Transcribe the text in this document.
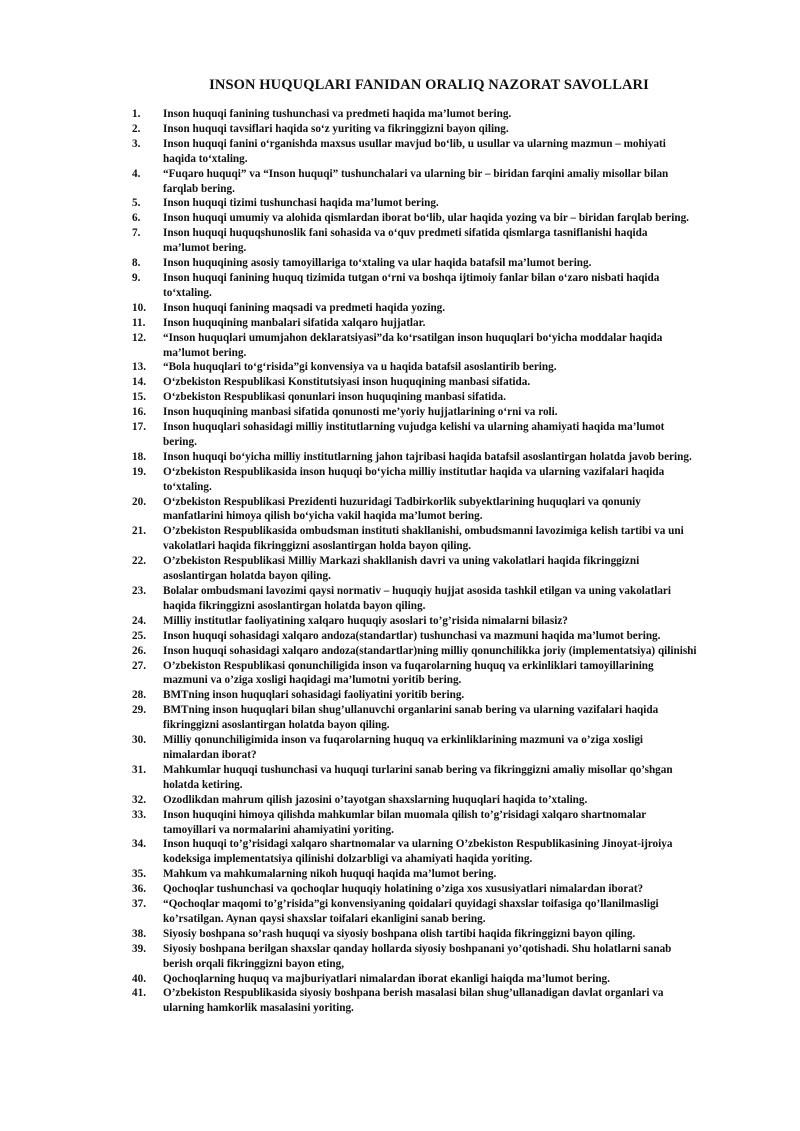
INSON HUQUQLARI FANIDAN ORALIQ NAZORAT SAVOLLARI
1.	Inson huquqi fanining tushunchasi va predmeti haqida ma’lumot bering.
2.	Inson huquqi tavsiflari haqida so‘z yuriting va fikringgizni bayon qiling.
3.	Inson huquqi fanini o‘rganishda maxsus usullar mavjud bo‘lib, u usullar va ularning mazmun – mohiyati
haqida to‘xtaling.
4.	“Fuqaro huquqi” va “Inson huquqi” tushunchalari va ularning bir – biridan farqini amaliy misollar bilan
farqlab bering.
5.	Inson huquqi tizimi tushunchasi haqida ma’lumot bering.
6.	Inson huquqi umumiy va alohida qismlardan iborat bo‘lib, ular haqida yozing va bir – biridan farqlab bering.
7.	Inson huquqi huquqshunoslik fani sohasida va o‘quv predmeti sifatida qismlarga tasniflanishi haqida
ma’lumot bering.
8.	Inson huquqining asosiy tamoyillariga to‘xtaling va ular haqida batafsil ma’lumot bering.
9.	Inson huquqi fanining huquq tizimida tutgan o‘rni va boshqa ijtimoiy fanlar bilan o‘zaro nisbati haqida
to‘xtaling.
10.	Inson huquqi fanining maqsadi va predmeti haqida yozing.
11.	Inson huquqining manbalari sifatida xalqaro hujjatlar.
12.	“Inson huquqlari umumjahon deklaratsiyasi”da ko‘rsatilgan inson huquqlari bo‘yicha moddalar haqida
ma’lumot bering.
13.	“Bola huquqlari to‘g‘risida”gi konvensiya va u haqida batafsil asoslantirib bering.
14.	O‘zbekiston Respublikasi Konstitutsiyasi inson huquqining manbasi sifatida.
15.	O‘zbekiston Respublikasi qonunlari inson huquqining manbasi sifatida.
16.	Inson huquqining manbasi sifatida qonunosti me’yoriy hujjatlarining o‘rni va roli.
17.	Inson huquqlari sohasidagi milliy institutlarning vujudga kelishi va ularning ahamiyati haqida ma’lumot
bering.
18.	Inson huquqi bo‘yicha milliy institutlarning jahon tajribasi haqida batafsil asoslantirgan holatda javob bering.
19.	O‘zbekiston Respublikasida inson huquqi bo‘yicha milliy institutlar haqida va ularning vazifalari haqida
to‘xtaling.
20.	O‘zbekiston Respublikasi Prezidenti huzuridagi Tadbirkorlik subyektlarining huquqlari va qonuniy
manfatlarini himoya qilish bo‘yicha vakil haqida ma’lumot bering.
21.	O’zbekiston Respublikasida ombudsman instituti shakllanishi, ombudsmanni lavozimiga kelish tartibi va uni
vakolatlari haqida fikringgizni asoslantirgan holda bayon qiling.
22.	O’zbekiston Respublikasi Milliy Markazi shakllanish davri va uning vakolatlari haqida fikringgizni
asoslantirgan holatda bayon qiling.
23.	Bolalar ombudsmani lavozimi qaysi normativ – huquqiy hujjat asosida tashkil etilgan va uning vakolatlari
haqida fikringgizni asoslantirgan holatda bayon qiling.
24.	Milliy institutlar faoliyatining xalqaro huquqiy asoslari to’g’risida nimalarni bilasiz?
25.	Inson huquqi sohasidagi xalqaro andoza(standartlar) tushunchasi va mazmuni haqida ma’lumot bering.
26.	Inson huquqi sohasidagi xalqaro andoza(standartlar)ning milliy qonunchilikka joriy (implementatsiya) qilinishi
27.	O’zbekiston Respublikasi qonunchiligida inson va fuqarolarning huquq va erkinliklari tamoyillarining
mazmuni va o’ziga xosligi haqidagi ma’lumotni yoritib bering.
28.	BMTning inson huquqlari sohasidagi faoliyatini yoritib bering.
29.	BMTning inson huquqlari bilan shug’ullanuvchi organlarini sanab bering va ularning vazifalari haqida
fikringgizni asoslantirgan holatda bayon qiling.
30.	Milliy qonunchiligimida inson va fuqarolarning huquq va erkinliklarining mazmuni va o’ziga xosligi
nimalardan iborat?
31.	Mahkumlar huquqi tushunchasi va huquqi turlarini sanab bering va fikringgizni amaliy misollar qo’shgan
holatda ketiring.
32.	Ozodlikdan mahrum qilish jazosini o’tayotgan shaxslarning huquqlari haqida to’xtaling.
33.	Inson huquqini himoya qilishda mahkumlar bilan muomala qilish to’g’risidagi xalqaro shartnomalar
tamoyillari va normalarini ahamiyatini yoriting.
34.	Inson huquqi to’g’risidagi xalqaro shartnomalar va ularning O’zbekiston Respublikasining Jinoyat-ijroiya
kodeksiga implementatsiya qilinishi dolzarbligi va ahamiyati haqida yoriting.
35.	Mahkum va mahkumalarning nikoh huquqi haqida ma’lumot bering.
36.	Qochoqlar tushunchasi va qochoqlar huquqiy holatining o’ziga xos xususiyatlari nimalardan iborat?
37.	“Qochoqlar maqomi to’g’risida”gi konvensiyaning qoidalari quyidagi shaxslar toifasiga qo’llanilmasligi
ko’rsatilgan. Aynan qaysi shaxslar toifalari ekanligini sanab bering.
38.	Siyosiy boshpana so’rash huquqi va siyosiy boshpana olish tartibi haqida fikringgizni bayon qiling.
39.	Siyosiy boshpana berilgan shaxslar qanday hollarda siyosiy boshpanani yo’qotishadi. Shu holatlarni sanab
berish orqali fikringgizni bayon eting,
40.	Qochoqlarning huquq va majburiyatlari nimalardan iborat ekanligi haiqda ma’lumot bering.
41.	O’zbekiston Respublikasida siyosiy boshpana berish masalasi bilan shug’ullanadigan davlat organlari va
ularning hamkorlik masalasini yoriting.
